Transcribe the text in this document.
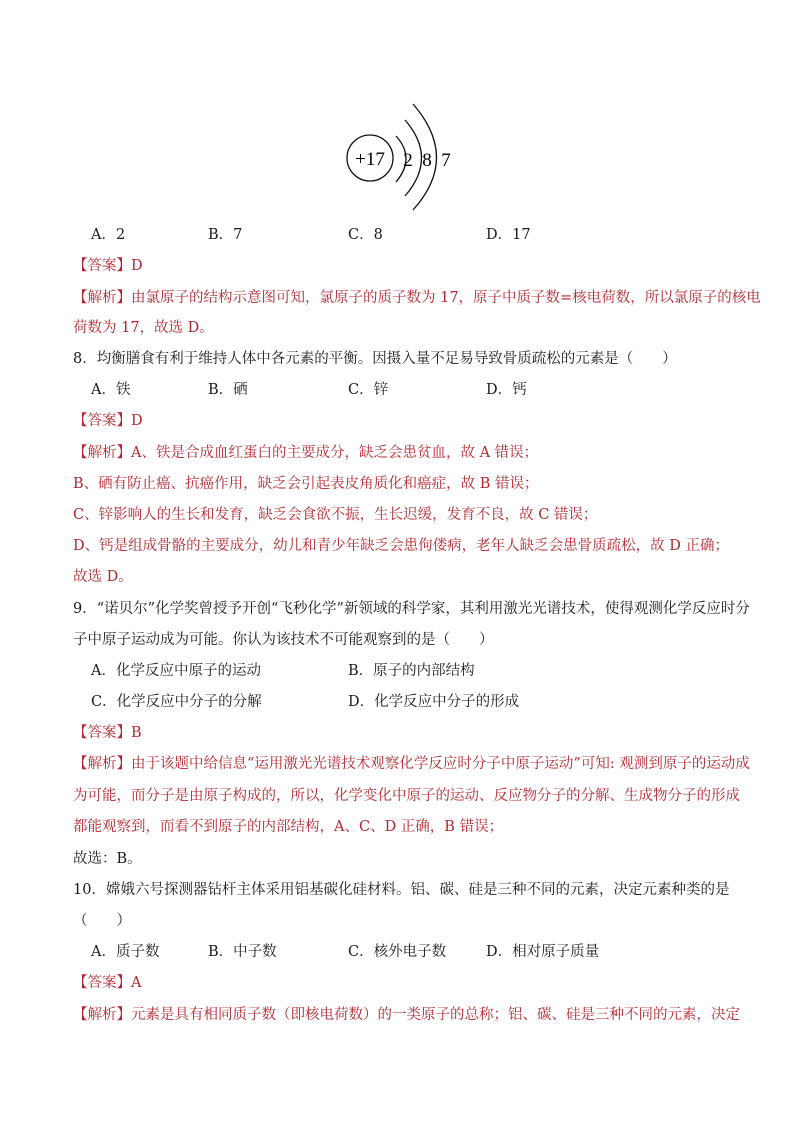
+17 2 8 7
A．2	B．7	C．8	D．17
【答案】D
【解析】由氯原子的结构示意图可知，氯原子的质子数为 17，原子中质子数=核电荷数，所以氯原子的核电
荷数为 17，故选 D。
8．均衡膳食有利于维持人体中各元素的平衡。因摄入量不足易导致骨质疏松的元素是（　　）
A．铁	B．硒	C．锌	D．钙
【答案】D
【解析】A、铁是合成血红蛋白的主要成分，缺乏会患贫血，故 A 错误；
B、硒有防止癌、抗癌作用，缺乏会引起表皮角质化和癌症，故 B 错误；
C、锌影响人的生长和发育，缺乏会食欲不振，生长迟缓，发育不良，故 C 错误；
D、钙是组成骨骼的主要成分，幼儿和青少年缺乏会患佝偻病，老年人缺乏会患骨质疏松，故 D 正确；
故选 D。
9．“诺贝尔”化学奖曾授予开创“飞秒化学”新领域的科学家，其利用激光光谱技术，使得观测化学反应时分
子中原子运动成为可能。你认为该技术不可能观察到的是（　　）
A．化学反应中原子的运动	B．原子的内部结构
C．化学反应中分子的分解	D．化学反应中分子的形成
【答案】B
【解析】由于该题中给信息“运用激光光谱技术观察化学反应时分子中原子运动”可知: 观测到原子的运动成
为可能，而分子是由原子构成的，所以，化学变化中原子的运动、反应物分子的分解、生成物分子的形成
都能观察到，而看不到原子的内部结构，A、C、D 正确，B 错误；
故选：B。
10．嫦娥六号探测器钻杆主体采用铝基碳化硅材料。铝、碳、硅是三种不同的元素，决定元素种类的是
（　　）
A．质子数	B．中子数	C．核外电子数	D．相对原子质量
【答案】A
【解析】元素是具有相同质子数（即核电荷数）的一类原子的总称；铝、碳、硅是三种不同的元素，决定
